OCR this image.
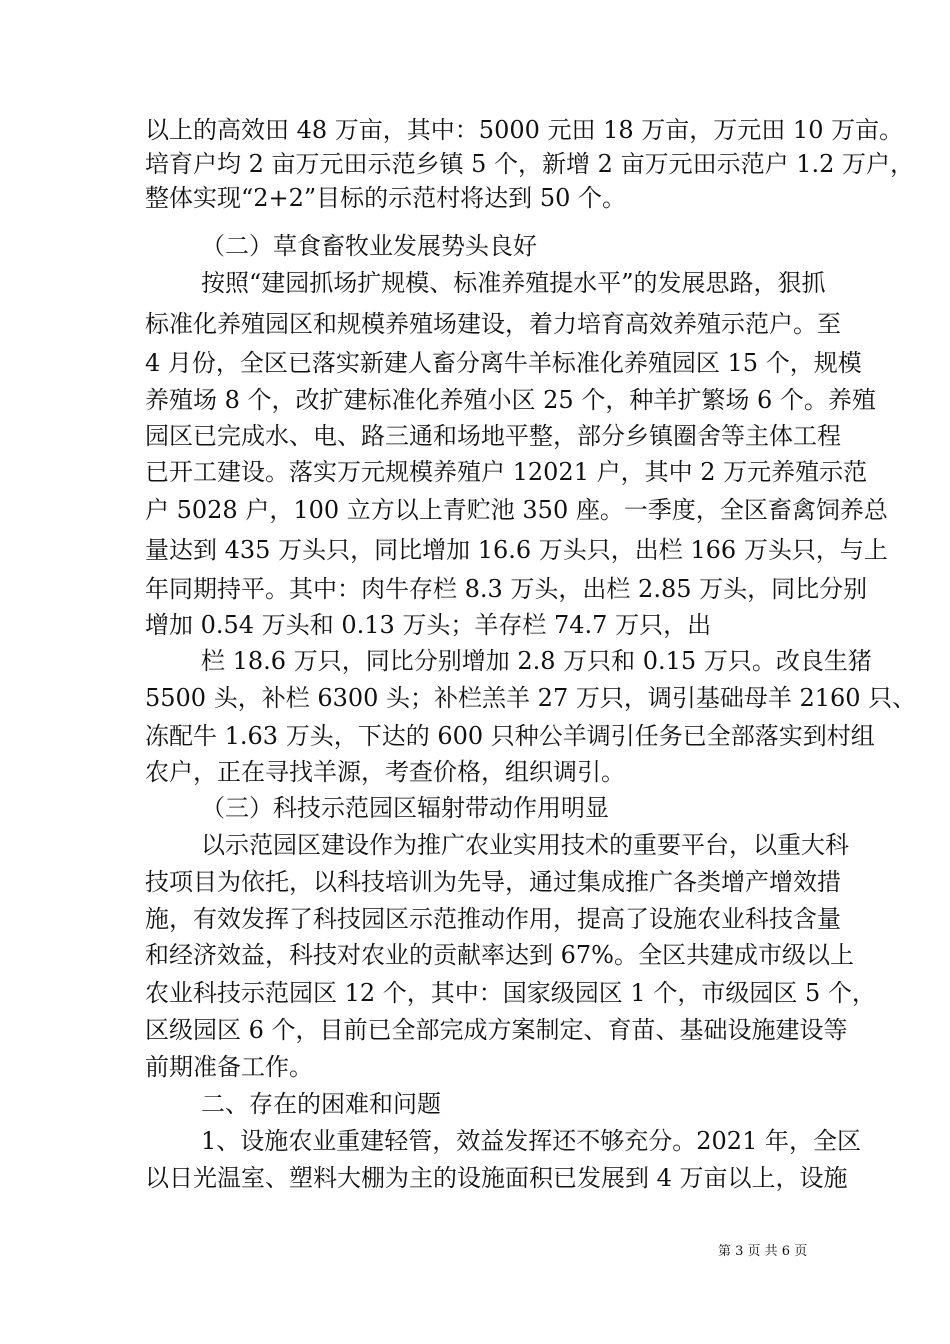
以上的高效田 48 万亩，其中：5000 元田 18 万亩，万元田 10 万亩。
培育户均 2 亩万元田示范乡镇 5 个，新增 2 亩万元田示范户 1.2 万户，
整体实现“2+2”目标的示范村将达到 50 个。
（二）草食畜牧业发展势头良好
按照“建园抓场扩规模、标准养殖提水平”的发展思路，狠抓
标准化养殖园区和规模养殖场建设，着力培育高效养殖示范户。至
4 月份，全区已落实新建人畜分离牛羊标准化养殖园区 15 个，规模
养殖场 8 个，改扩建标准化养殖小区 25 个，种羊扩繁场 6 个。养殖
园区已完成水、电、路三通和场地平整，部分乡镇圈舍等主体工程
已开工建设。落实万元规模养殖户 12021 户，其中 2 万元养殖示范
户 5028 户，100 立方以上青贮池 350 座。一季度，全区畜禽饲养总
量达到 435 万头只，同比增加 16.6 万头只，出栏 166 万头只，与上
年同期持平。其中：肉牛存栏 8.3 万头，出栏 2.85 万头，同比分别
增加 0.54 万头和 0.13 万头；羊存栏 74.7 万只，出
栏 18.6 万只，同比分别增加 2.8 万只和 0.15 万只。改良生猪
5500 头，补栏 6300 头；补栏羔羊 27 万只，调引基础母羊 2160 只、
冻配牛 1.63 万头，下达的 600 只种公羊调引任务已全部落实到村组
农户，正在寻找羊源，考查价格，组织调引。
（三）科技示范园区辐射带动作用明显
以示范园区建设作为推广农业实用技术的重要平台，以重大科
技项目为依托，以科技培训为先导，通过集成推广各类增产增效措
施，有效发挥了科技园区示范推动作用，提高了设施农业科技含量
和经济效益，科技对农业的贡献率达到 67%。全区共建成市级以上
农业科技示范园区 12 个，其中：国家级园区 1 个，市级园区 5 个，
区级园区 6 个，目前已全部完成方案制定、育苗、基础设施建设等
前期准备工作。
二、存在的困难和问题
1、设施农业重建轻管，效益发挥还不够充分。2021 年，全区
以日光温室、塑料大棚为主的设施面积已发展到 4 万亩以上，设施
第 3 页 共 6 页
